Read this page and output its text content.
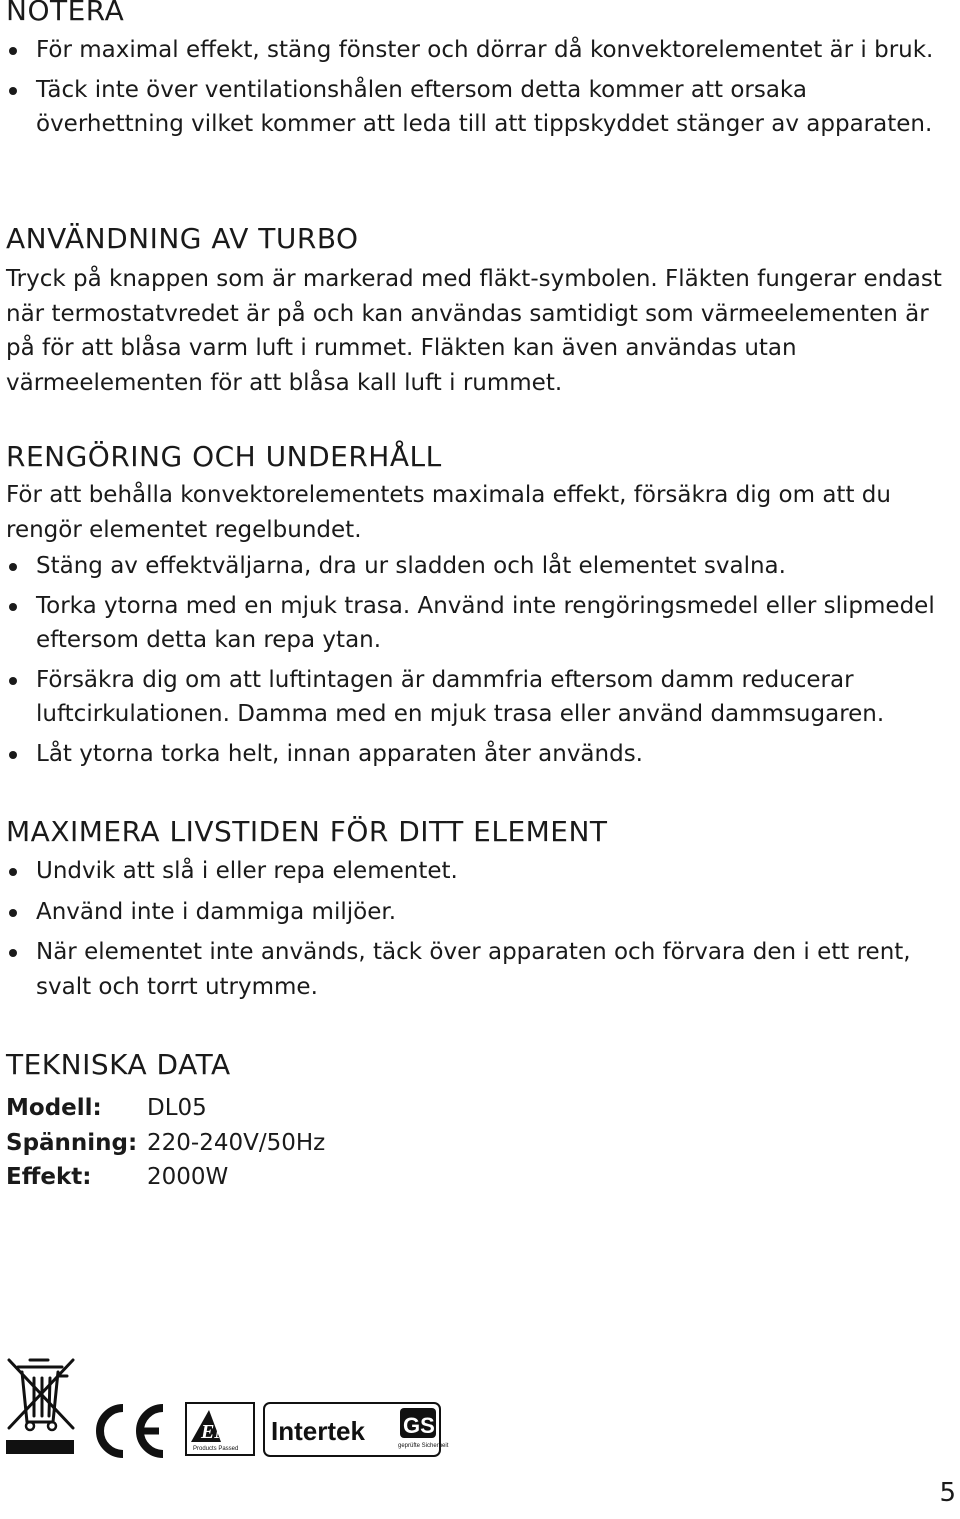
NOTERA
För maximal effekt, stäng fönster och dörrar då konvektorelementet är i bruk.
Täck inte över ventilationshålen eftersom detta kommer att orsaka överhettning vilket kommer att leda till att tippskyddet stänger av apparaten.
ANVÄNDNING AV TURBO

Tryck på knappen som är markerad med fläkt-symbolen. Fläkten fungerar endast när termostatvredet är på och kan användas samtidigt som värmeelementen är på för att blåsa varm luft i rummet. Fläkten kan även användas utan värmeelementen för att blåsa kall luft i rummet.

RENGÖRING OCH UNDERHÅLL

För att behålla konvektorelementets maximala effekt, försäkra dig om att du rengör elementet regelbundet.

Stäng av effektväljarna, dra ur sladden och låt elementet svalna.
Torka ytorna med en mjuk trasa. Använd inte rengöringsmedel eller slipmedel eftersom detta kan repa ytan.
Försäkra dig om att luftintagen är dammfria eftersom damm reducerar luftcirkulationen. Damma med en mjuk trasa eller använd dammsugaren.
Låt ytorna torka helt, innan apparaten åter används.
MAXIMERA LIVSTIDEN FÖR DITT ELEMENT
Undvik att slå i eller repa elementet.
Använd inte i dammiga miljöer.
När elementet inte används, täck över apparaten och förvara den i ett rent, svalt och torrt utrymme.
TEKNISKA DATA
Modell:	DL05
Spänning: 220-240V/50Hz
Effekt:	2000W
EMC
Products Passed
Intertek GS
geprüfte Sicherheit
5
